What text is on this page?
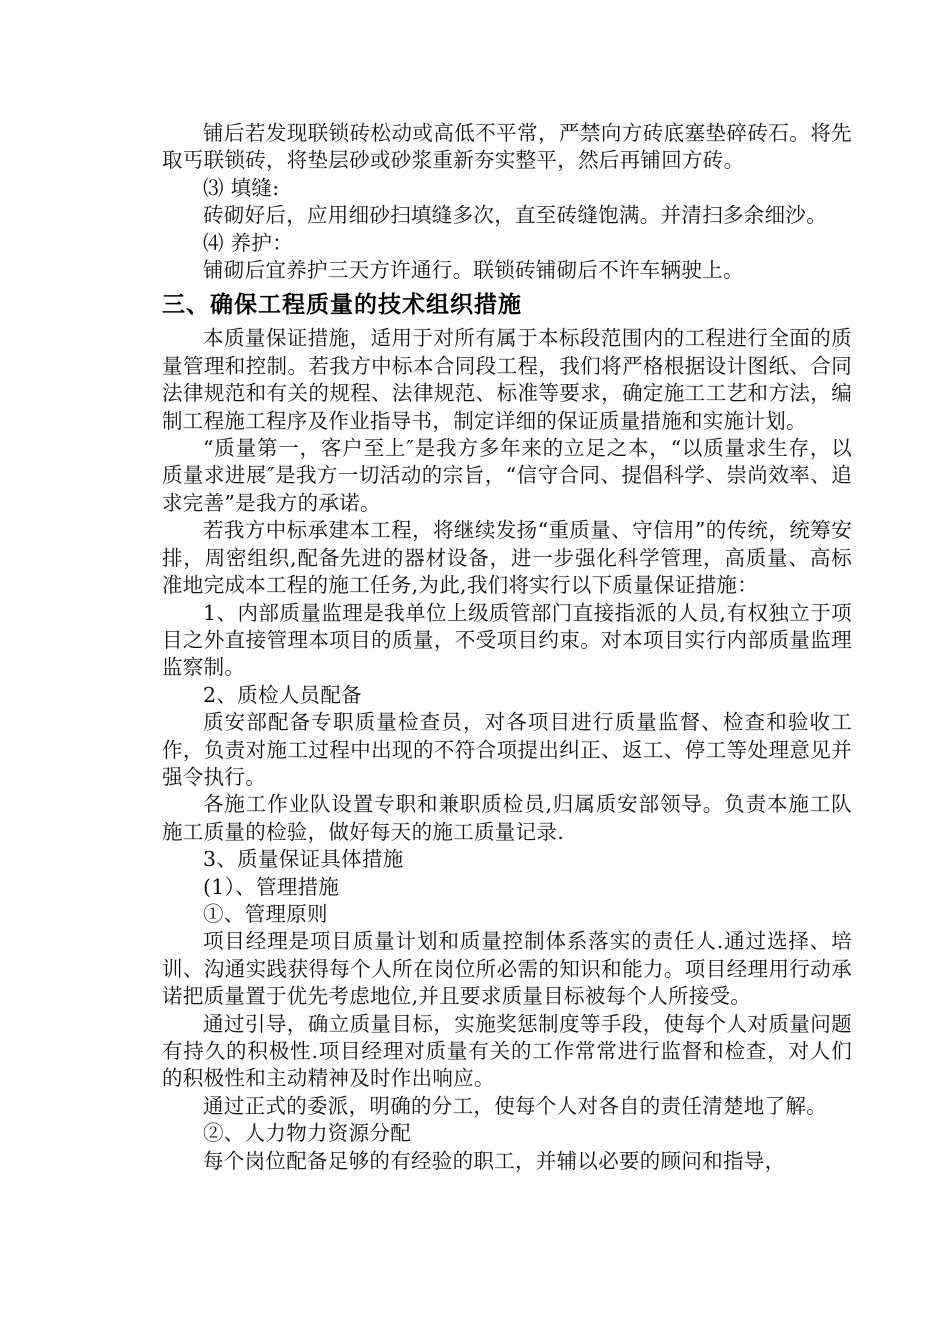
铺后若发现联锁砖松动或高低不平常，严禁向方砖底塞垫碎砖石。将先取丐联锁砖，将垫层砂或砂浆重新夯实整平，然后再铺回方砖。

⑶ 填缝:

砖砌好后，应用细砂扫填缝多次，直至砖缝饱满。并清扫多余细沙。

⑷ 养护：

铺砌后宜养护三天方许通行。联锁砖铺砌后不许车辆驶上。

三、确保工程质量的技术组织措施

本质量保证措施，适用于对所有属于本标段范围内的工程进行全面的质量管理和控制。若我方中标本合同段工程，我们将严格根据设计图纸、合同法律规范和有关的规程、法律规范、标准等要求，确定施工工艺和方法，编制工程施工程序及作业指导书，制定详细的保证质量措施和实施计划。

“质量第一，客户至上″是我方多年来的立足之本，“以质量求生存，以质量求进展″是我方一切活动的宗旨，“信守合同、提倡科学、崇尚效率、追求完善”是我方的承诺。

若我方中标承建本工程，将继续发扬“重质量、守信用”的传统，统筹安排，周密组织,配备先进的器材设备，进一步强化科学管理，高质量、高标准地完成本工程的施工任务,为此,我们将实行以下质量保证措施：

1、内部质量监理是我单位上级质管部门直接指派的人员,有权独立于项目之外直接管理本项目的质量，不受项目约束。对本项目实行内部质量监理监察制。

2、质检人员配备

质安部配备专职质量检查员，对各项目进行质量监督、检查和验收工作，负责对施工过程中出现的不符合项提出纠正、返工、停工等处理意见并强令执行。

各施工作业队设置专职和兼职质检员,归属质安部领导。负责本施工队施工质量的检验，做好每天的施工质量记录.

3、质量保证具体措施

(1）、管理措施

①、管理原则

项目经理是项目质量计划和质量控制体系落实的责任人.通过选择、培训、沟通实践获得每个人所在岗位所必需的知识和能力。项目经理用行动承诺把质量置于优先考虑地位,并且要求质量目标被每个人所接受。

通过引导，确立质量目标，实施奖惩制度等手段，使每个人对质量问题有持久的积极性.项目经理对质量有关的工作常常进行监督和检查，对人们的积极性和主动精神及时作出响应。

通过正式的委派，明确的分工，使每个人对各自的责任清楚地了解。

②、人力物力资源分配

每个岗位配备足够的有经验的职工，并辅以必要的顾问和指导，
